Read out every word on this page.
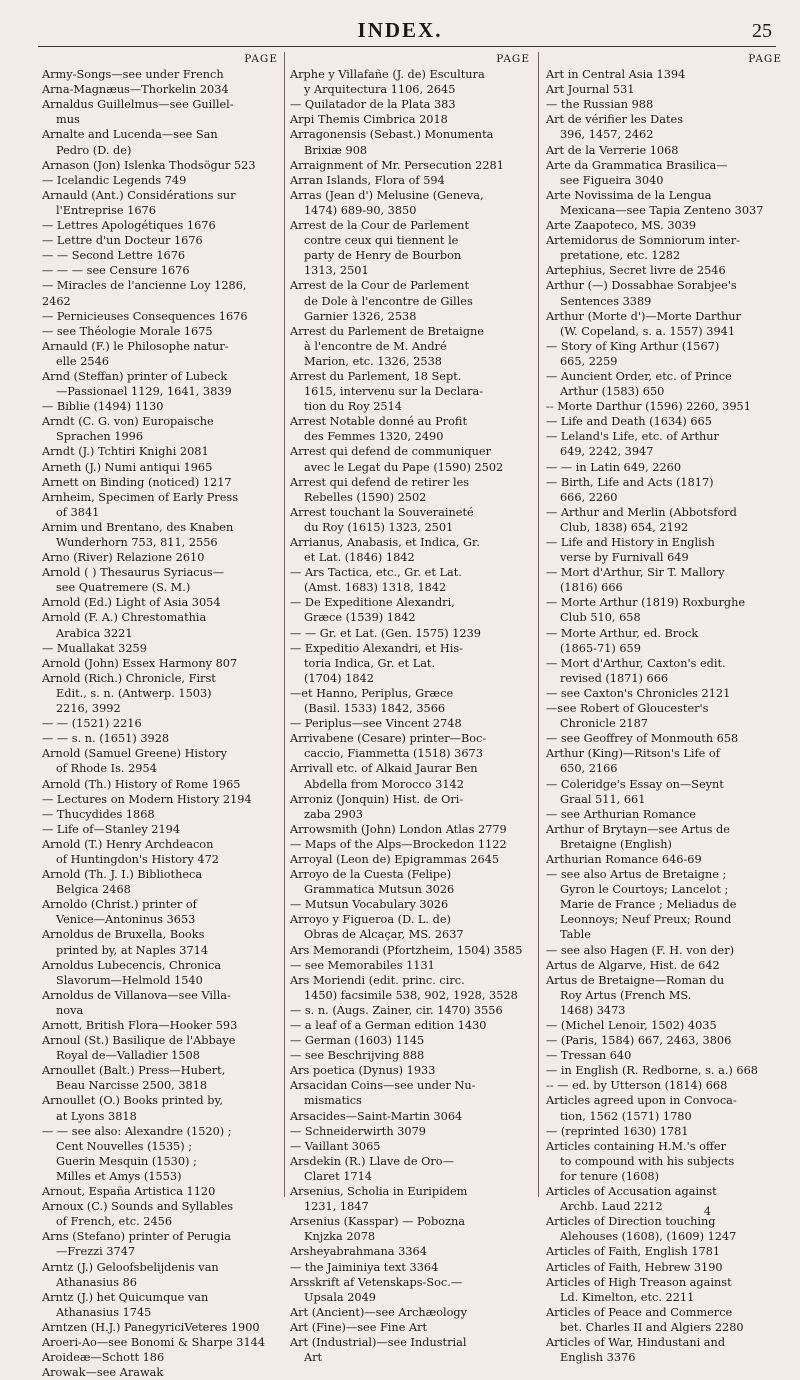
INDEX.	25
PAGE

Army-Songs—see under French

Arna-Magnæus—Thorkelin 2034

Arnaldus Guillelmus—see Guillel-

mus

Arnalte and Lucenda—see San

Pedro (D. de)

Arnason (Jon) Islenka Thodsögur 523

— Icelandic Legends 749

Arnauld (Ant.) Considérations sur

l'Entreprise 1676

— Lettres Apologétiques 1676

— Lettre d'un Docteur 1676

— — Second Lettre 1676

— — — see Censure 1676

— Miracles de l'ancienne Loy 1286, 2462

— Pernicieuses Consequences 1676

— see Théologie Morale 1675

Arnauld (F.) le Philosophe natur-

elle 2546

Arnd (Steffan) printer of Lubeck

—Passionael 1129, 1641, 3839

— Biblie (1494) 1130

Arndt (C. G. von) Europaische

Sprachen 1996

Arndt (J.) Tchtiri Knighi 2081

Arneth (J.) Numi antiqui 1965

Arnett on Binding (noticed) 1217

Arnheim, Specimen of Early Press

of 3841

Arnim und Brentano, des Knaben

Wunderhorn 753, 811, 2556

Arno (River) Relazione 2610

Arnold ( ) Thesaurus Syriacus—

see Quatremere (S. M.)

Arnold (Ed.) Light of Asia 3054

Arnold (F. A.) Chrestomathia

Arabica 3221

— Muallakat 3259

Arnold (John) Essex Harmony 807

Arnold (Rich.) Chronicle, First

Edit., s. n. (Antwerp. 1503)

2216, 3992

— — (1521) 2216

— — s. n. (1651) 3928

Arnold (Samuel Greene) History

of Rhode Is. 2954

Arnold (Th.) History of Rome 1965

— Lectures on Modern History 2194

— Thucydides 1868

— Life of—Stanley 2194

Arnold (T.) Henry Archdeacon

of Huntingdon's History 472

Arnold (Th. J. I.) Bibliotheca

Belgica 2468

Arnoldo (Christ.) printer of

Venice—Antoninus 3653

Arnoldus de Bruxella, Books

printed by, at Naples 3714

Arnoldus Lubecencis, Chronica

Slavorum—Helmold 1540

Arnoldus de Villanova—see Villa-

nova

Arnott, British Flora—Hooker 593

Arnoul (St.) Basilique de l'Abbaye

Royal de—Valladier 1508

Arnoullet (Balt.) Press—Hubert,

Beau Narcisse 2500, 3818

Arnoullet (O.) Books printed by,

at Lyons 3818

— — see also: Alexandre (1520) ;

Cent Nouvelles (1535) ;

Guerin Mesquin (1530) ;

Milles et Amys (1553)

Arnout, España Artistica 1120

Arnoux (C.) Sounds and Syllables

of French, etc. 2456

Arns (Stefano) printer of Perugia

—Frezzi 3747

Arntz (J.) Geloofsbelijdenis van

Athanasius 86

Arntz (J.) het Quicumque van

Athanasius 1745

Arntzen (H.J.) PanegyriciVeteres 1900

Aroeri-Ao—see Bonomi & Sharpe 3144

Aroideæ—Schott 186

Arowak—see Arawak

PAGE

Arphe y Villafañe (J. de) Escultura

y Arquitectura 1106, 2645

— Quilatador de la Plata 383

Arpi Themis Cimbrica 2018

Arragonensis (Sebast.) Monumenta

Brixiæ 908

Arraignment of Mr. Persecution 2281

Arran Islands, Flora of 594

Arras (Jean d') Melusine (Geneva,

1474) 689-90, 3850

Arrest de la Cour de Parlement

contre ceux qui tiennent le

party de Henry de Bourbon

1313, 2501

Arrest de la Cour de Parlement

de Dole à l'encontre de Gilles

Garnier 1326, 2538

Arrest du Parlement de Bretaigne

à l'encontre de M. André

Marion, etc. 1326, 2538

Arrest du Parlement, 18 Sept.

1615, intervenu sur la Declara-

tion du Roy 2514

Arrest Notable donné au Profit

des Femmes 1320, 2490

Arrest qui defend de communiquer

avec le Legat du Pape (1590) 2502

Arrest qui defend de retirer les

Rebelles (1590) 2502

Arrest touchant la Souveraineté

du Roy (1615) 1323, 2501

Arrianus, Anabasis, et Indica, Gr.

et Lat. (1846) 1842

— Ars Tactica, etc., Gr. et Lat.

(Amst. 1683) 1318, 1842

— De Expeditione Alexandri,

Græce (1539) 1842

— — Gr. et Lat. (Gen. 1575) 1239

— Expeditio Alexandri, et His-

toria Indica, Gr. et Lat.

(1704) 1842

—et Hanno, Periplus, Græce

(Basil. 1533) 1842, 3566

— Periplus—see Vincent 2748

Arrivabene (Cesare) printer—Boc-

caccio, Fiammetta (1518) 3673

Arrivall etc. of Alkaid Jaurar Ben

Abdella from Morocco 3142

Arroniz (Jonquin) Hist. de Ori-

zaba 2903

Arrowsmith (John) London Atlas 2779

— Maps of the Alps—Brockedon 1122

Arroyal (Leon de) Epigrammas 2645

Arroyo de la Cuesta (Felipe)

Grammatica Mutsun 3026

— Mutsun Vocabulary 3026

Arroyo y Figueroa (D. L. de)

Obras de Alcaçar, MS. 2637

Ars Memorandi (Pfortzheim, 1504) 3585

— see Memorabiles 1131

Ars Moriendi (edit. princ. circ.

1450) facsimile 538, 902, 1928, 3528

— s. n. (Augs. Zainer, cir. 1470) 3556

— a leaf of a German edition 1430

— German (1603) 1145

— see Beschrijving 888

Ars poetica (Dynus) 1933

Arsacidan Coins—see under Nu-

mismatics

Arsacides—Saint-Martin 3064

— Schneiderwirth 3079

— Vaillant 3065

Arsdekin (R.) Llave de Oro—

Claret 1714

Arsenius, Scholia in Euripidem

1231, 1847

Arsenius (Kasspar) — Pobozna

Knjzka 2078

Arsheyabrahmana 3364

— the Jaiminiya text 3364

Arsskrift af Vetenskaps-Soc.—

Upsala 2049

Art (Ancient)—see Archæology

Art (Fine)—see Fine Art

Art (Industrial)—see Industrial

Art

PAGE

Art in Central Asia 1394

Art Journal 531

— the Russian 988

Art de vérifier les Dates

396, 1457, 2462

Art de la Verrerie 1068

Arte da Grammatica Brasilica—

see Figueira 3040

Arte Novissima de la Lengua

Mexicana—see Tapia Zenteno 3037

Arte Zaapoteco, MS. 3039

Artemidorus de Somniorum inter-

pretatione, etc. 1282

Artephius, Secret livre de 2546

Arthur (—) Dossabhae Sorabjee's

Sentences 3389

Arthur (Morte d')—Morte Darthur

(W. Copeland, s. a. 1557) 3941

— Story of King Arthur (1567)

665, 2259

— Auncient Order, etc. of Prince

Arthur (1583) 650

-- Morte Darthur (1596) 2260, 3951

— Life and Death (1634) 665

— Leland's Life, etc. of Arthur

649, 2242, 3947

— — in Latin 649, 2260

— Birth, Life and Acts (1817)

666, 2260

— Arthur and Merlin (Abbotsford

Club, 1838) 654, 2192

— Life and History in English

verse by Furnivall 649

— Mort d'Arthur, Sir T. Mallory

(1816) 666

— Morte Arthur (1819) Roxburghe

Club 510, 658

— Morte Arthur, ed. Brock

(1865-71) 659

— Mort d'Arthur, Caxton's edit.

revised (1871) 666

— see Caxton's Chronicles 2121

—see Robert of Gloucester's

Chronicle 2187

— see Geoffrey of Monmouth 658

Arthur (King)—Ritson's Life of

650, 2166

— Coleridge's Essay on—Seynt

Graal 511, 661

— see Arthurian Romance

Arthur of Brytayn—see Artus de

Bretaigne (English)

Arthurian Romance 646-69

— see also Artus de Bretaigne ;

Gyron le Courtoys; Lancelot ;

Marie de France ; Meliadus de

Leonnoys; Neuf Preux; Round

Table

— see also Hagen (F. H. von der)

Artus de Algarve, Hist. de 642

Artus de Bretaigne—Roman du

Roy Artus (French MS.

1468) 3473

— (Michel Lenoir, 1502) 4035

— (Paris, 1584) 667, 2463, 3806

— Tressan 640

— in English (R. Redborne, s. a.) 668

-- — ed. by Utterson (1814) 668

Articles agreed upon in Convoca-

tion, 1562 (1571) 1780

— (reprinted 1630) 1781

Articles containing H.M.'s offer

to compound with his subjects

for tenure (1608)

Articles of Accusation against

Archb. Laud 2212

Articles of Direction touching

Alehouses (1608), (1609) 1247

Articles of Faith, English 1781

Articles of Faith, Hebrew 3190

Articles of High Treason against

Ld. Kimelton, etc. 2211

Articles of Peace and Commerce

bet. Charles II and Algiers 2280

Articles of War, Hindustani and

English 3376

4
